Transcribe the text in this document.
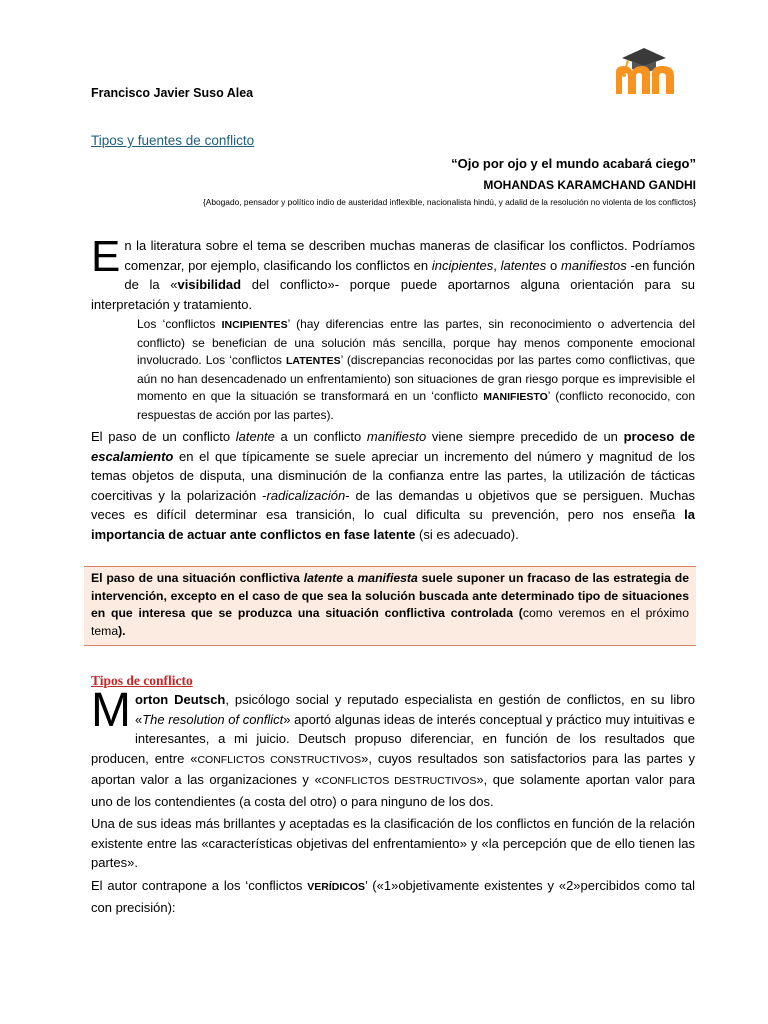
Francisco Javier Suso Alea
Tipos y fuentes de conflicto
“Ojo por ojo y el mundo acabará ciego”
MOHANDAS KARAMCHAND GANDHI
{Abogado, pensador y político indio de austeridad inflexible, nacionalista hindú, y adalid de la resolución no violenta de los conflictos}
En la literatura sobre el tema se describen muchas maneras de clasificar los conflictos. Podríamos comenzar, por ejemplo, clasificando los conflictos en incipientes, latentes o manifiestos -en función de la «visibilidad del conflicto»- porque puede aportarnos alguna orientación para su interpretación y tratamiento.
Los ‘conflictos INCIPIENTES’ (hay diferencias entre las partes, sin reconocimiento o advertencia del conflicto) se benefician de una solución más sencilla, porque hay menos componente emocional involucrado. Los ‘conflictos LATENTES’ (discrepancias reconocidas por las partes como conflictivas, que aún no han desencadenado un enfrentamiento) son situaciones de gran riesgo porque es imprevisible el momento en que la situación se transformará en un ‘conflicto MANIFIESTO’ (conflicto reconocido, con respuestas de acción por las partes).
El paso de un conflicto latente a un conflicto manifiesto viene siempre precedido de un proceso de escalamiento en el que típicamente se suele apreciar un incremento del número y magnitud de los temas objetos de disputa, una disminución de la confianza entre las partes, la utilización de tácticas coercitivas y la polarización -radicalización- de las demandas u objetivos que se persiguen. Muchas veces es difícil determinar esa transición, lo cual dificulta su prevención, pero nos enseña la importancia de actuar ante conflictos en fase latente (si es adecuado).
El paso de una situación conflictiva latente a manifiesta suele suponer un fracaso de las estrategia de intervención, excepto en el caso de que sea la solución buscada ante determinado tipo de situaciones en que interesa que se produzca una situación conflictiva controlada (como veremos en el próximo tema).
Tipos de conflicto
Morton Deutsch, psicólogo social y reputado especialista en gestión de conflictos, en su libro «The resolution of conflict» aportó algunas ideas de interés conceptual y práctico muy intuitivas e interesantes, a mi juicio. Deutsch propuso diferenciar, en función de los resultados que producen, entre «CONFLICTOS CONSTRUCTIVOS», cuyos resultados son satisfactorios para las partes y aportan valor a las organizaciones y «CONFLICTOS DESTRUCTIVOS», que solamente aportan valor para uno de los contendientes (a costa del otro) o para ninguno de los dos.
Una de sus ideas más brillantes y aceptadas es la clasificación de los conflictos en función de la relación existente entre las «características objetivas del enfrentamiento» y «la percepción que de ello tienen las partes».
El autor contrapone a los ‘conflictos VERÍDICOS’ («1»objetivamente existentes y «2»percibidos como tal con precisión):
